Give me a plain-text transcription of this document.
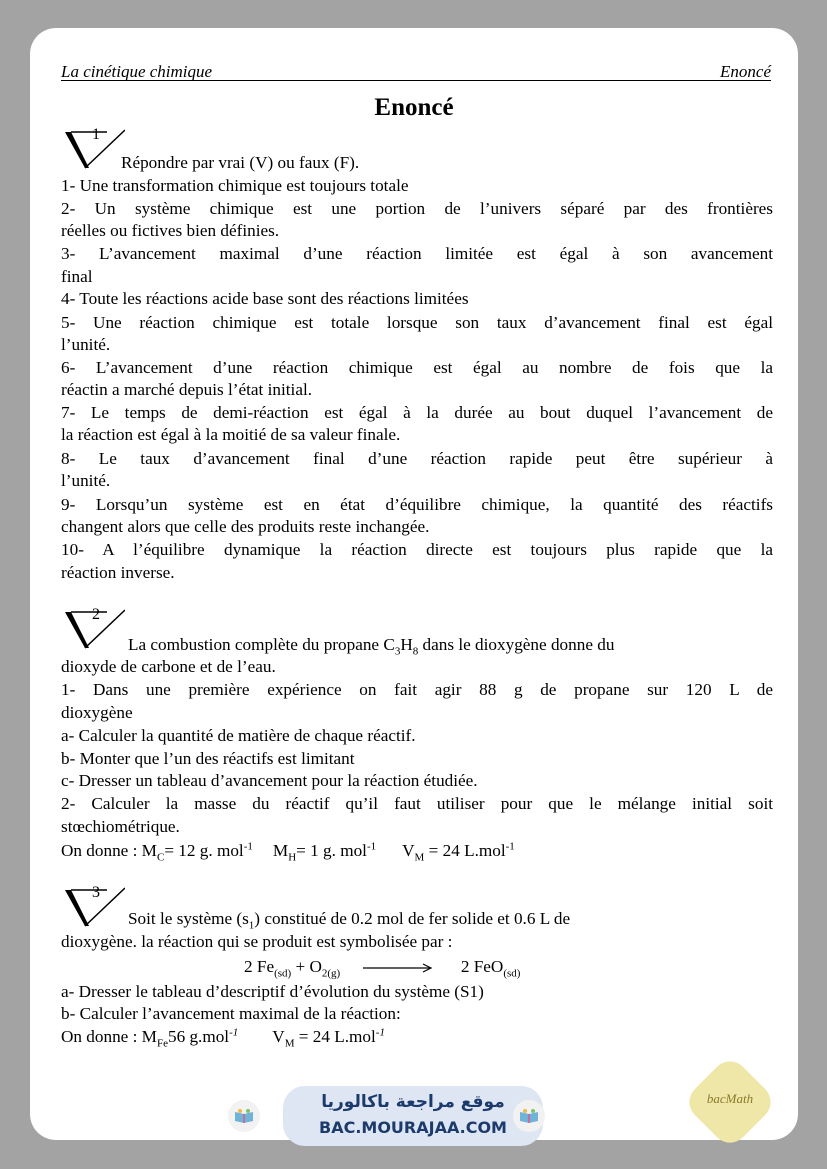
La cinétique chimique	Enoncé
Enoncé
1
Répondre par vrai (V) ou faux (F).
1- Une transformation chimique est toujours totale
2- Un système chimique est une portion de l’univers séparé par des frontières
réelles ou fictives bien définies.
3- L’avancement maximal d’une réaction limitée est égal à son avancement
final
4- Toute les réactions acide base sont des réactions limitées
5- Une réaction chimique est totale lorsque son taux d’avancement final est égal
l’unité.
6- L’avancement d’une réaction chimique est égal au nombre de fois que la
réactin a marché depuis l’état initial.
7- Le temps de demi-réaction est égal à la durée au bout duquel l’avancement de
la réaction est égal à la moitié de sa valeur finale.
8- Le taux d’avancement final d’une réaction rapide peut être supérieur à
l’unité.
9- Lorsqu’un système est en état d’équilibre chimique, la quantité des réactifs
changent alors que celle des produits reste inchangée.
10- A l’équilibre dynamique la réaction directe est toujours plus rapide que la
réaction inverse.
2
La combustion complète du propane $C_3H_8$ dans le dioxygène donne du
dioxyde de carbone et de l’eau.
1- Dans une première expérience on fait agir 88 g de propane sur 120 L de
dioxygène
a- Calculer la quantité de matière de chaque réactif.
b- Monter que l’un des réactifs est limitant
c- Dresser un tableau d’avancement pour la réaction étudiée.
2- Calculer la masse du réactif qu’il faut utiliser pour que le mélange initial soit
stœchiométrique.
On donne : $M_C= 12$ g. mol$^{-1}$ $M_H= 1$ g. mol$^{-1}$ $V_M = 24$ L.mol$^{-1}$
3
Soit le système $(s_1)$ constitué de 0.2 mol de fer solide et 0.6 L de
dioxygène. la réaction qui se produit est symbolisée par :
2 $Fe_{(sd)} + O_{2(g)}$	2 FeO$_{(sd)}$
a- Dresser le tableau d’descriptif d’évolution du système (S1)
b- Calculer l’avancement maximal de la réaction:
On donne : $M_{Fe}56$ g.mol$^{-1}$ $V_M = 24$ L.mol$^{-1}$
موقع مراجعة باكالوريا
BAC.MOURAJAA.COM
bacMath
